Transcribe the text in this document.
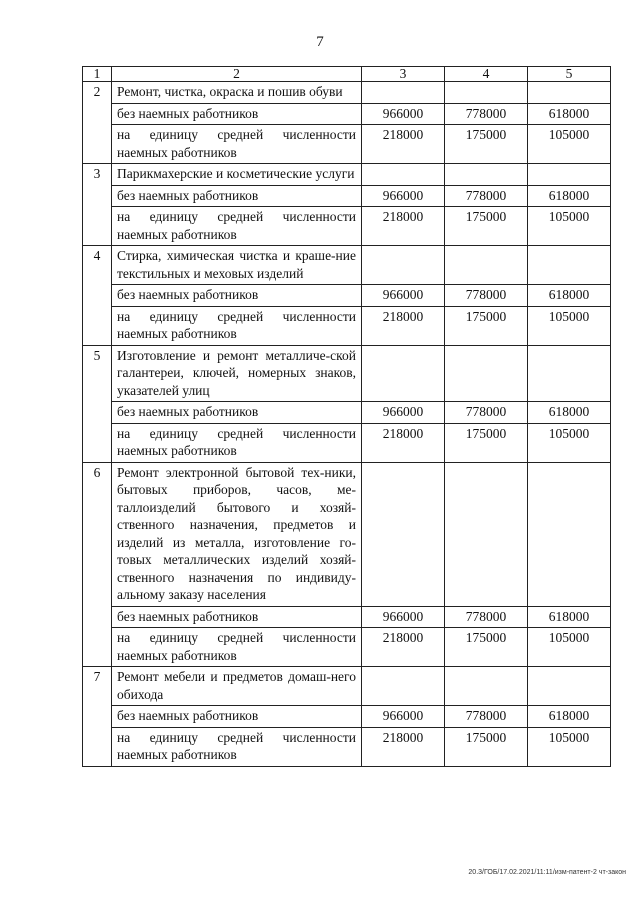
7
1	2	3	4	5
2	Ремонт, чистка, окраска и пошив обуви			
	без наемных работников	966000	778000	618000
	на единицу средней численности наемных работников	218000	175000	105000
3	Парикмахерские и косметические услуги			
	без наемных работников	966000	778000	618000
	на единицу средней численности наемных работников	218000	175000	105000
4	Стирка, химическая чистка и краше-ние текстильных и меховых изделий			
	без наемных работников	966000	778000	618000
	на единицу средней численности наемных работников	218000	175000	105000
5	Изготовление и ремонт металличе-ской галантереи, ключей, номерных знаков, указателей улиц			
	без наемных работников	966000	778000	618000
	на единицу средней численности наемных работников	218000	175000	105000
6	Ремонт электронной бытовой тех-ники, бытовых приборов, часов, ме-таллоизделий бытового и хозяй-ственного назначения, предметов и изделий из металла, изготовление го-товых металлических изделий хозяй-ственного назначения по индивиду-альному заказу населения			
	без наемных работников	966000	778000	618000
	на единицу средней численности наемных работников	218000	175000	105000
7	Ремонт мебели и предметов домаш-него обихода			
	без наемных работников	966000	778000	618000
	на единицу средней численности наемных работников	218000	175000	105000
20.3/ГОБ/17.02.2021/11:11/изм-патент-2 чт-закон
